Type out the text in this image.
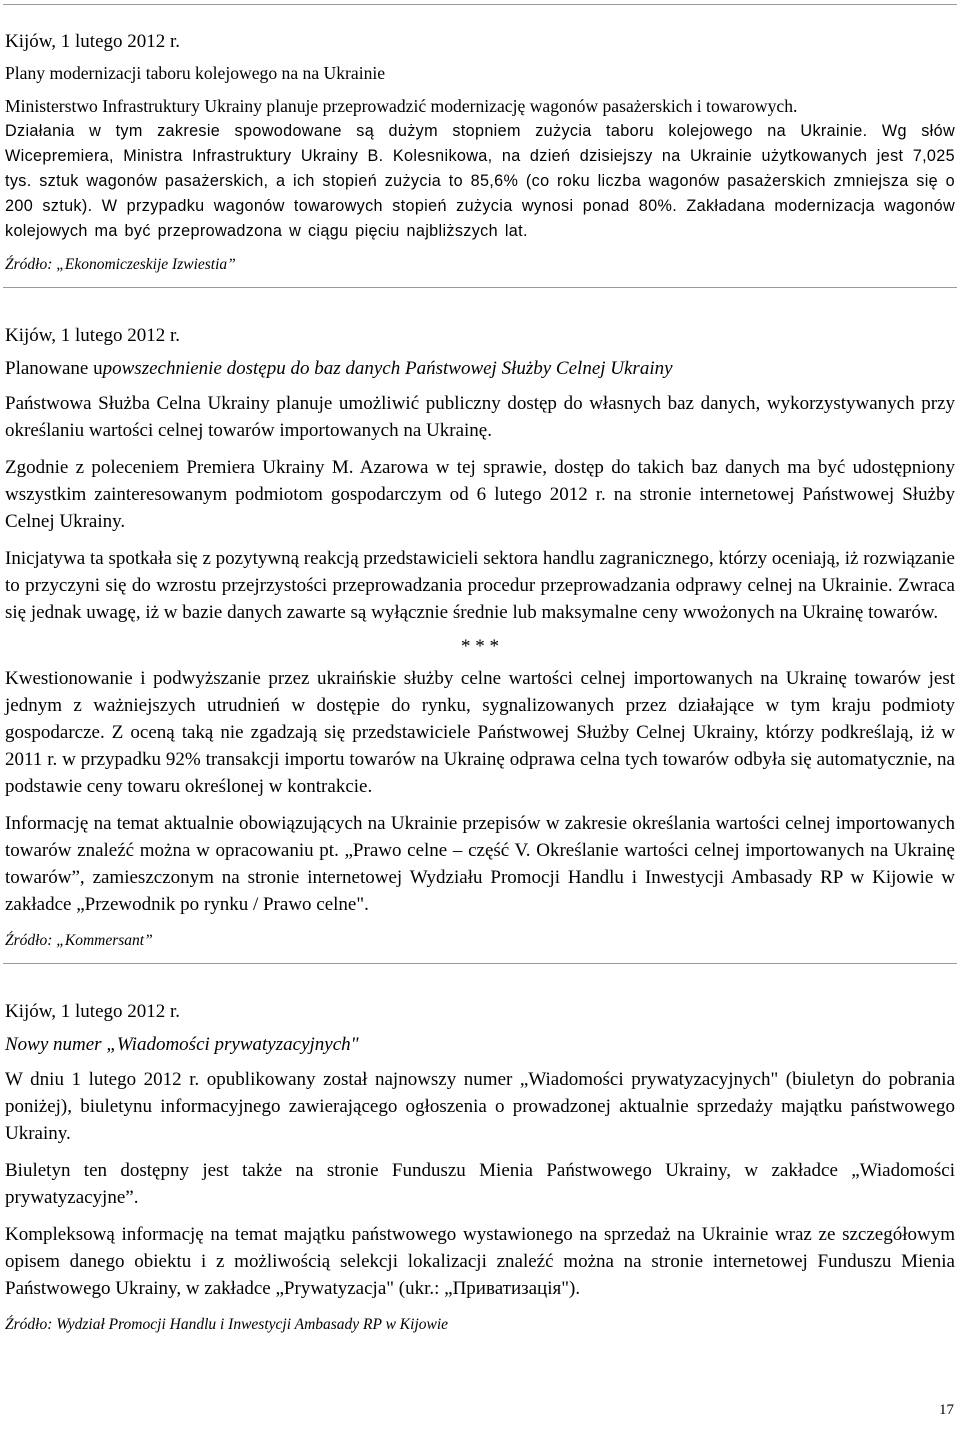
Kijów, 1 lutego 2012 r.
Plany modernizacji taboru kolejowego na na Ukrainie

Ministerstwo Infrastruktury Ukrainy planuje przeprowadzić modernizację wagonów pasażerskich i towarowych.

Działania w tym zakresie spowodowane są dużym stopniem zużycia taboru kolejowego na Ukrainie. Wg słów Wicepremiera, Ministra Infrastruktury Ukrainy B. Kolesnikowa, na dzień dzisiejszy na Ukrainie użytkowanych jest 7,025 tys. sztuk wagonów pasażerskich, a ich stopień zużycia to 85,6% (co roku liczba wagonów pasażerskich zmniejsza się o 200 sztuk). W przypadku wagonów towarowych stopień zużycia wynosi ponad 80%. Zakładana modernizacja wagonów kolejowych ma być przeprowadzona w ciągu pięciu najbliższych lat.

Źródło: „Ekonomiczeskije Izwiestia”
Kijów, 1 lutego 2012 r.
Planowane upowszechnienie dostępu do baz danych Państwowej Służby Celnej Ukrainy

Państwowa Służba Celna Ukrainy planuje umożliwić publiczny dostęp do własnych baz danych, wykorzystywanych przy określaniu wartości celnej towarów importowanych na Ukrainę.

Zgodnie z poleceniem Premiera Ukrainy M. Azarowa w tej sprawie, dostęp do takich baz danych ma być udostępniony wszystkim zainteresowanym podmiotom gospodarczym od 6 lutego 2012 r. na stronie internetowej Państwowej Służby Celnej Ukrainy.

Inicjatywa ta spotkała się z pozytywną reakcją przedstawicieli sektora handlu zagranicznego, którzy oceniają, iż rozwiązanie to przyczyni się do wzrostu przejrzystości przeprowadzania procedur przeprowadzania odprawy celnej na Ukrainie. Zwraca się jednak uwagę, iż w bazie danych zawarte są wyłącznie średnie lub maksymalne ceny wwożonych na Ukrainę towarów.

* * *

Kwestionowanie i podwyższanie przez ukraińskie służby celne wartości celnej importowanych na Ukrainę towarów jest jednym z ważniejszych utrudnień w dostępie do rynku, sygnalizowanych przez działające w tym kraju podmioty gospodarcze. Z oceną taką nie zgadzają się przedstawiciele Państwowej Służby Celnej Ukrainy, którzy podkreślają, iż w 2011 r. w przypadku 92% transakcji importu towarów na Ukrainę odprawa celna tych towarów odbyła się automatycznie, na podstawie ceny towaru określonej w kontrakcie.

Informację na temat aktualnie obowiązujących na Ukrainie przepisów w zakresie określania wartości celnej importowanych towarów znaleźć można w opracowaniu pt. „Prawo celne – część V. Określanie wartości celnej importowanych na Ukrainę towarów”, zamieszczonym na stronie internetowej Wydziału Promocji Handlu i Inwestycji Ambasady RP w Kijowie w zakładce „Przewodnik po rynku / Prawo celne".

Źródło: „Kommersant”
Kijów, 1 lutego 2012 r.
Nowy numer „Wiadomości prywatyzacyjnych"

W dniu 1 lutego 2012 r. opublikowany został najnowszy numer „Wiadomości prywatyzacyjnych" (biuletyn do pobrania poniżej), biuletynu informacyjnego zawierającego ogłoszenia o prowadzonej aktualnie sprzedaży majątku państwowego Ukrainy.

Biuletyn ten dostępny jest także na stronie Funduszu Mienia Państwowego Ukrainy, w zakładce „Wiadomości prywatyzacyjne”.

Kompleksową informację na temat majątku państwowego wystawionego na sprzedaż na Ukrainie wraz ze szczegółowym opisem danego obiektu i z możliwością selekcji lokalizacji znaleźć można na stronie internetowej Funduszu Mienia Państwowego Ukrainy, w zakładce „Prywatyzacja" (ukr.: „Приватизація").

Źródło: Wydział Promocji Handlu i Inwestycji Ambasady RP w Kijowie
17
